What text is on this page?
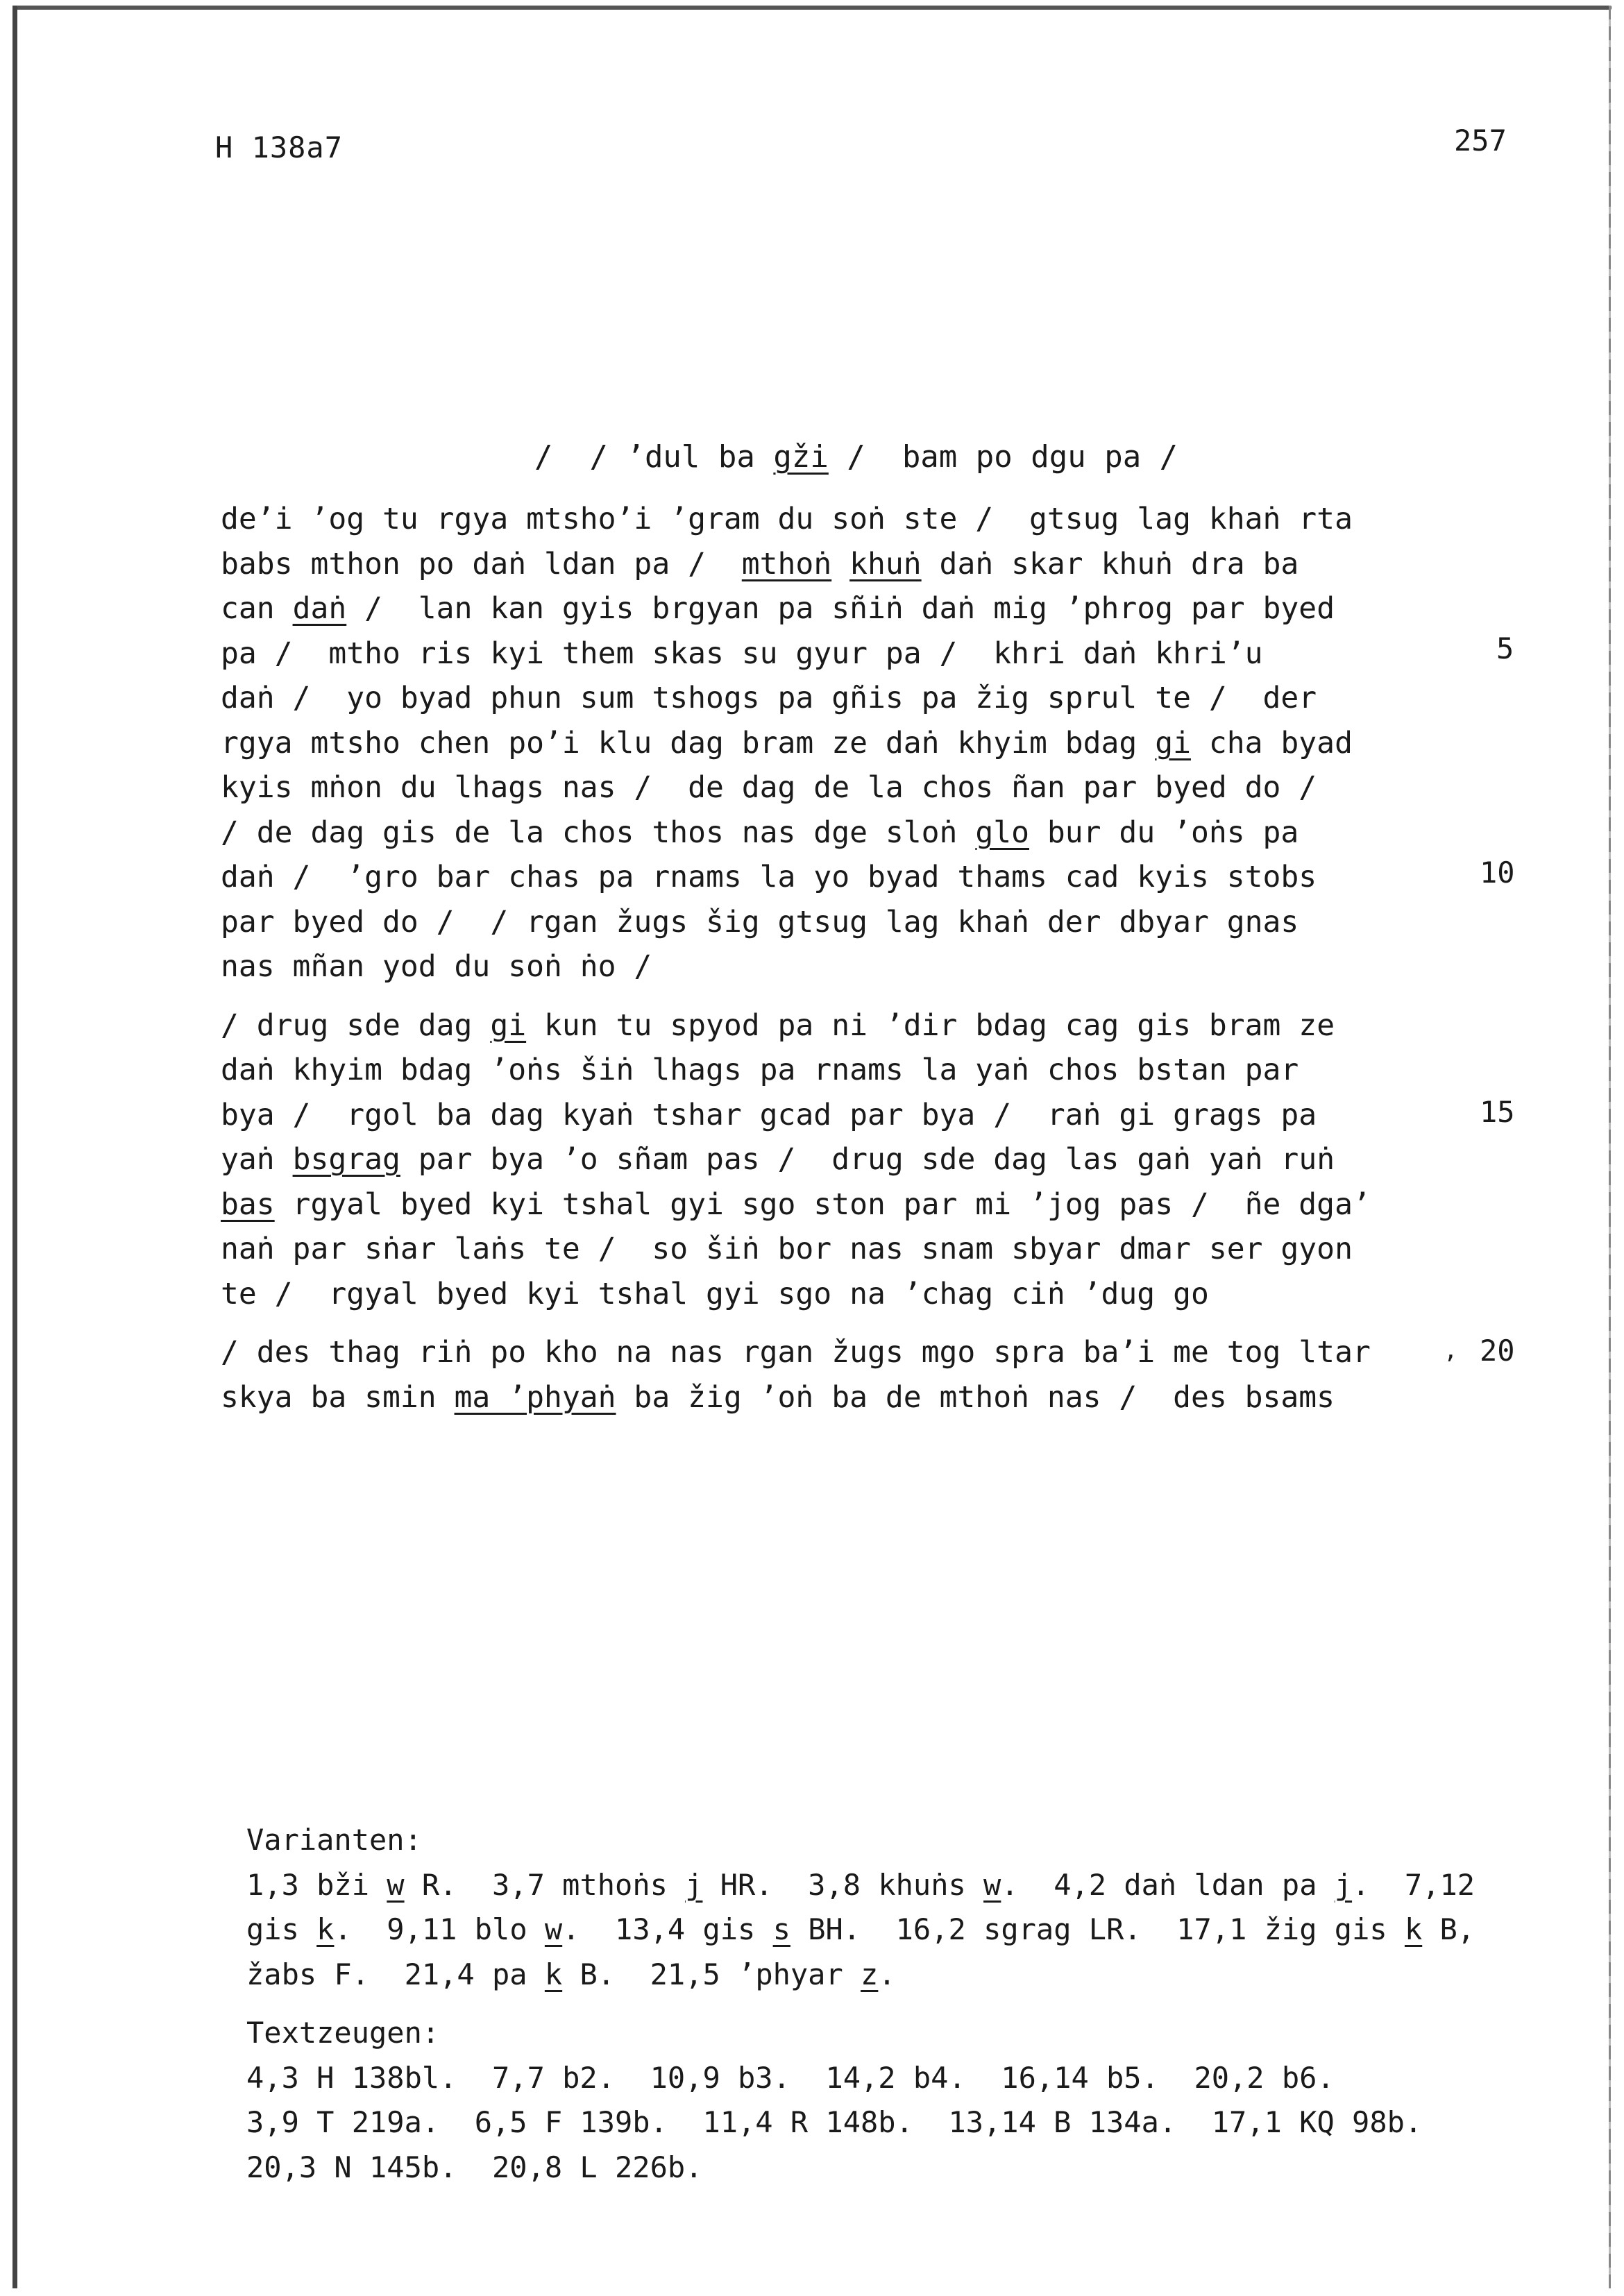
H 138a7	257
/  / ’dul ba gži /  bam po dgu pa /
de’i ’og tu rgya mtsho’i ’gram du soṅ ste /  gtsug lag khaṅ rta
babs mthon po daṅ ldan pa /  mthoṅ khuṅ daṅ skar khuṅ dra ba
can daṅ /  lan kan gyis brgyan pa sñiṅ daṅ mig ’phrog par byed
pa /  mtho ris kyi them skas su gyur pa /  khri daṅ khri’u
daṅ /  yo byad phun sum tshogs pa gñis pa žig sprul te /  der
rgya mtsho chen po’i klu dag bram ze daṅ khyim bdag gi cha byad
kyis mṅon du lhags nas /  de dag de la chos ñan par byed do /
/ de dag gis de la chos thos nas dge sloṅ glo bur du ’oṅs pa
daṅ /  ’gro bar chas pa rnams la yo byad thams cad kyis stobs
par byed do /  / rgan žugs šig gtsug lag khaṅ der dbyar gnas
nas mñan yod du soṅ ṅo /
/ drug sde dag gi kun tu spyod pa ni ’dir bdag cag gis bram ze
daṅ khyim bdag ’oṅs šiṅ lhags pa rnams la yaṅ chos bstan par
bya /  rgol ba dag kyaṅ tshar gcad par bya /  raṅ gi grags pa
yaṅ bsgrag par bya ’o sñam pas /  drug sde dag las gaṅ yaṅ ruṅ
bas rgyal byed kyi tshal gyi sgo ston par mi ’jog pas /  ñe dga’
naṅ par sṅar laṅs te /  so šiṅ bor nas snam sbyar dmar ser gyon
te /  rgyal byed kyi tshal gyi sgo na ’chag ciṅ ’dug go
/ des thag riṅ po kho na nas rgan žugs mgo spra ba’i me tog ltar
skya ba smin ma ’phyaṅ ba žig ’oṅ ba de mthoṅ nas /  des bsams
5
10
15
, 20
Varianten:
1,3 bži w R.  3,7 mthoṅs j HR.  3,8 khuṅs w.  4,2 daṅ ldan pa j.  7,12
gis k.  9,11 blo w.  13,4 gis s BH.  16,2 sgrag LR.  17,1 žig gis k B,
žabs F.  21,4 pa k B.  21,5 ’phyar z.
Textzeugen:
4,3 H 138bl.  7,7 b2.  10,9 b3.  14,2 b4.  16,14 b5.  20,2 b6.
3,9 T 219a.  6,5 F 139b.  11,4 R 148b.  13,14 B 134a.  17,1 KQ 98b.
20,3 N 145b.  20,8 L 226b.
